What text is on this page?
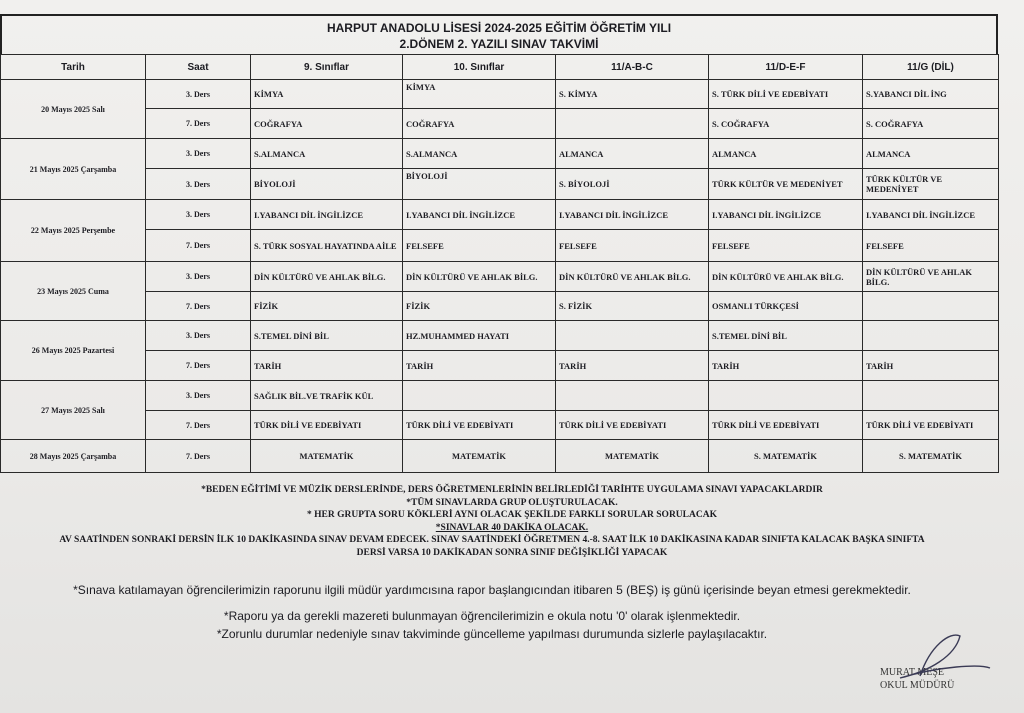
HARPUT ANADOLU LİSESİ 2024-2025 EĞİTİM ÖĞRETİM YILI
2.DÖNEM 2. YAZILI SINAV TAKVİMİ
Tarih	Saat	9. Sınıflar	10. Sınıflar	11/A-B-C	11/D-E-F	11/G (DİL)
20 Mayıs 2025 Salı	3. Ders	KİMYA	KİMYA	S. KİMYA	S. TÜRK DİLİ VE EDEBİYATI	S.YABANCI DİL İNG
	7. Ders	COĞRAFYA	COĞRAFYA		S. COĞRAFYA	S. COĞRAFYA
21 Mayıs 2025 Çarşamba	3. Ders	S.ALMANCA	S.ALMANCA	ALMANCA	ALMANCA	ALMANCA
	3. Ders	BİYOLOJİ	BİYOLOJİ	S. BİYOLOJİ	TÜRK KÜLTÜR VE MEDENİYET	TÜRK KÜLTÜR VE MEDENİYET
22 Mayıs 2025 Perşembe	3. Ders	I.YABANCI DİL İNGİLİZCE	I.YABANCI DİL İNGİLİZCE	I.YABANCI DİL İNGİLİZCE	I.YABANCI DİL İNGİLİZCE	I.YABANCI DİL İNGİLİZCE
	7. Ders	S. TÜRK SOSYAL HAYATINDA AİLE	FELSEFE	FELSEFE	FELSEFE	FELSEFE
23 Mayıs 2025 Cuma	3. Ders	DİN KÜLTÜRÜ VE AHLAK BİLG.	DİN KÜLTÜRÜ VE AHLAK BİLG.	DİN KÜLTÜRÜ VE AHLAK BİLG.	DİN KÜLTÜRÜ VE AHLAK BİLG.	DİN KÜLTÜRÜ VE AHLAK BİLG.
	7. Ders	FİZİK	FİZİK	S. FİZİK	OSMANLI TÜRKÇESİ	
26 Mayıs 2025 Pazartesi	3. Ders	S.TEMEL DİNİ BİL	HZ.MUHAMMED HAYATI		S.TEMEL DİNİ BİL	
	7. Ders	TARİH	TARİH	TARİH	TARİH	TARİH
27 Mayıs 2025 Salı	3. Ders	SAĞLIK BİL.VE TRAFİK KÜL				
	7. Ders	TÜRK DİLİ VE EDEBİYATI	TÜRK DİLİ VE EDEBİYATI	TÜRK DİLİ VE EDEBİYATI	TÜRK DİLİ VE EDEBİYATI	TÜRK DİLİ VE EDEBİYATI
28 Mayıs 2025 Çarşamba	7. Ders	MATEMATİK	MATEMATİK	MATEMATİK	S. MATEMATİK	S. MATEMATİK
*BEDEN EĞİTİMİ VE MÜZİK DERSLERİNDE, DERS ÖĞRETMENLERİNİN BELİRLEDİĞİ TARİHTE UYGULAMA SINAVI YAPACAKLARDIR
*TÜM SINAVLARDA GRUP OLUŞTURULACAK.
* HER GRUPTA SORU KÖKLERİ AYNI OLACAK ŞEKİLDE FARKLI SORULAR SORULACAK
*SINAVLAR 40 DAKİKA OLACAK.
AV SAATİNDEN SONRAKİ DERSİN İLK 10 DAKİKASINDA SINAV DEVAM EDECEK. SINAV SAATİNDEKİ ÖĞRETMEN 4.-8. SAAT İLK 10 DAKİKASINA KADAR SINIFTA KALACAK BAŞKA SINIFTA
DERSİ VARSA 10 DAKİKADAN SONRA SINIF DEĞİŞİKLİĞİ YAPACAK
*Sınava katılamayan öğrencilerimizin raporunu ilgili müdür yardımcısına rapor başlangıcından itibaren 5 (BEŞ) iş günü içerisinde beyan etmesi gerekmektedir.
*Raporu ya da gerekli mazereti bulunmayan öğrencilerimizin e okula notu '0' olarak işlenmektedir.
*Zorunlu durumlar nedeniyle sınav takviminde güncelleme yapılması durumunda sizlerle paylaşılacaktır.
MURAT MEŞE
OKUL MÜDÜRÜ
